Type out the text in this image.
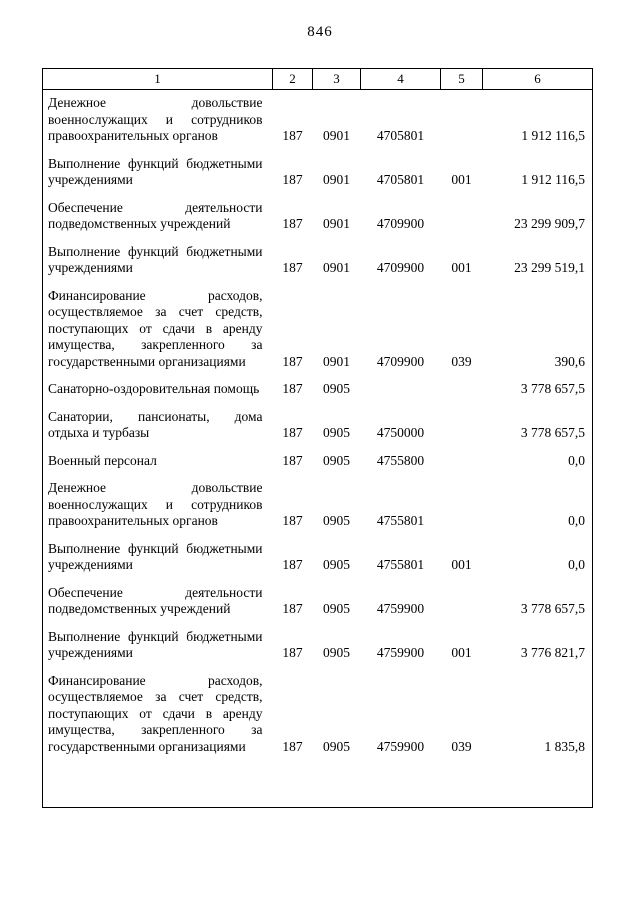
846
1	2	3	4	5	6
Денежное довольствие военнослужащих и сотрудников правоохранительных органов	187	0901	4705801		1 912 116,5
Выполнение функций бюджетными учреждениями	187	0901	4705801	001	1 912 116,5
Обеспечение деятельности подведомственных учреждений	187	0901	4709900		23 299 909,7
Выполнение функций бюджетными учреждениями	187	0901	4709900	001	23 299 519,1
Финансирование расходов, осуществляемое за счет средств, поступающих от сдачи в аренду имущества, закрепленного за государственными организациями	187	0901	4709900	039	390,6
Санаторно-оздоровительная помощь	187	0905			3 778 657,5
Санатории, пансионаты, дома отдыха и турбазы	187	0905	4750000		3 778 657,5
Военный персонал	187	0905	4755800		0,0
Денежное довольствие военнослужащих и сотрудников правоохранительных органов	187	0905	4755801		0,0
Выполнение функций бюджетными учреждениями	187	0905	4755801	001	0,0
Обеспечение деятельности подведомственных учреждений	187	0905	4759900		3 778 657,5
Выполнение функций бюджетными учреждениями	187	0905	4759900	001	3 776 821,7
Финансирование расходов, осуществляемое за счет средств, поступающих от сдачи в аренду имущества, закрепленного за государственными организациями	187	0905	4759900	039	1 835,8
